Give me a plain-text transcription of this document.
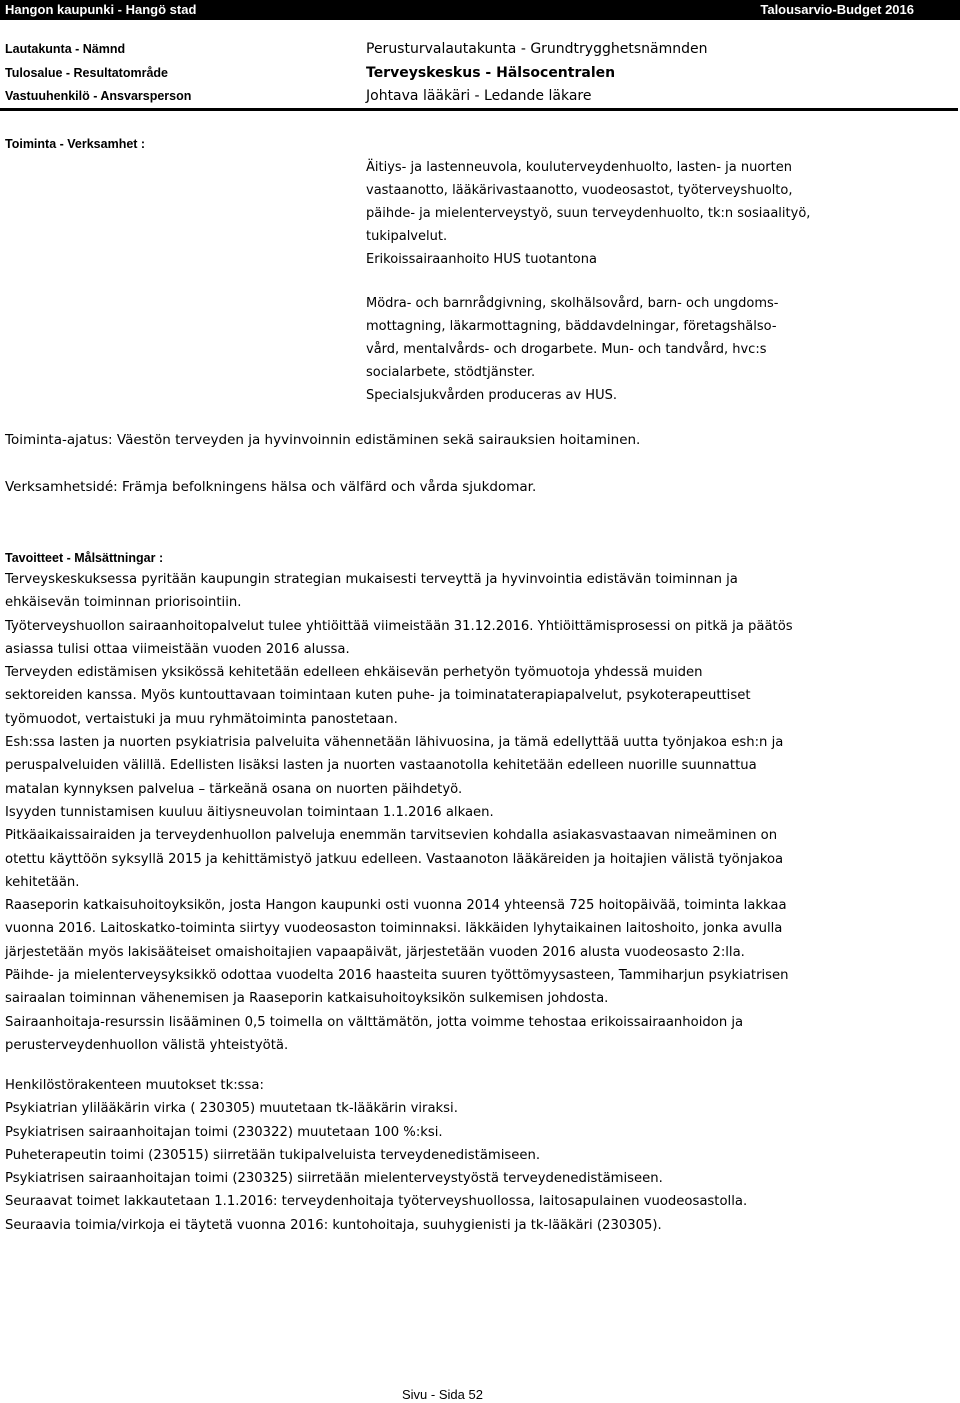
Hangon kaupunki - Hangö stad	Talousarvio-Budget 2016
Lautakunta - Nämnd
Tulosalue - Resultatområde
Vastuuhenkilö - Ansvarsperson
Perusturvalautakunta - Grundtrygghetsnämnden
Terveyskeskus - Hälsocentralen
Johtava lääkäri - Ledande läkare
Toiminta - Verksamhet :
Äitiys- ja lastenneuvola, kouluterveydenhuolto, lasten- ja nuorten
vastaanotto, lääkärivastaanotto, vuodeosastot, työterveyshuolto,
päihde- ja mielenterveystyö, suun terveydenhuolto, tk:n sosiaalityö,
tukipalvelut.
Erikoissairaanhoito HUS tuotantona
Mödra- och barnrådgivning, skolhälsovård, barn- och ungdoms-
mottagning, läkarmottagning, bäddavdelningar, företagshälso-
vård, mentalvårds- och drogarbete. Mun- och tandvård, hvc:s
socialarbete, stödtjänster.
Specialsjukvården produceras av HUS.
Toiminta-ajatus: Väestön terveyden ja hyvinvoinnin edistäminen sekä sairauksien hoitaminen.
Verksamhetsidé: Främja befolkningens hälsa och välfärd och vårda sjukdomar.
Tavoitteet - Målsättningar :
Terveyskeskuksessa pyritään kaupungin strategian mukaisesti terveyttä ja hyvinvointia edistävän toiminnan ja
ehkäisevän toiminnan priorisointiin.
Työterveyshuollon sairaanhoitopalvelut tulee yhtiöittää viimeistään 31.12.2016. Yhtiöittämisprosessi on pitkä ja päätös
asiassa tulisi ottaa viimeistään vuoden 2016 alussa.
Terveyden edistämisen yksikössä kehitetään edelleen ehkäisevän perhetyön työmuotoja yhdessä muiden
sektoreiden kanssa. Myös kuntouttavaan toimintaan kuten puhe- ja toiminataterapiapalvelut, psykoterapeuttiset
työmuodot, vertaistuki ja muu ryhmätoiminta panostetaan.
Esh:ssa lasten ja nuorten psykiatrisia palveluita vähennetään lähivuosina, ja tämä edellyttää uutta työnjakoa esh:n ja
peruspalveluiden välillä. Edellisten lisäksi lasten ja nuorten vastaanotolla kehitetään edelleen nuorille suunnattua
matalan kynnyksen palvelua – tärkeänä osana on nuorten päihdetyö.
Isyyden tunnistamisen kuuluu äitiysneuvolan toimintaan 1.1.2016 alkaen.
Pitkäaikaissairaiden ja terveydenhuollon palveluja enemmän tarvitsevien kohdalla asiakasvastaavan nimeäminen on
otettu käyttöön syksyllä 2015 ja kehittämistyö jatkuu edelleen. Vastaanoton lääkäreiden ja hoitajien välistä työnjakoa
kehitetään.
Raaseporin katkaisuhoitoyksikön, josta Hangon kaupunki osti vuonna 2014 yhteensä 725 hoitopäivää, toiminta lakkaa
vuonna 2016. Laitoskatko-toiminta siirtyy vuodeosaston toiminnaksi. Iäkkäiden lyhytaikainen laitoshoito, jonka avulla
järjestetään myös lakisääteiset omaishoitajien vapaapäivät, järjestetään vuoden 2016 alusta vuodeosasto 2:lla.
Päihde- ja mielenterveysyksikkö odottaa vuodelta 2016 haasteita suuren työttömyysasteen, Tammiharjun psykiatrisen
sairaalan toiminnan vähenemisen ja Raaseporin katkaisuhoitoyksikön sulkemisen johdosta.
Sairaanhoitaja-resurssin lisääminen 0,5 toimella on välttämätön, jotta voimme tehostaa erikoissairaanhoidon ja
perusterveydenhuollon välistä yhteistyötä.
Henkilöstörakenteen muutokset tk:ssa:
Psykiatrian ylilääkärin virka ( 230305) muutetaan tk-lääkärin viraksi.
Psykiatrisen sairaanhoitajan toimi (230322) muutetaan 100 %:ksi.
Puheterapeutin toimi (230515) siirretään tukipalveluista terveydenedistämiseen.
Psykiatrisen sairaanhoitajan toimi (230325) siirretään mielenterveystyöstä terveydenedistämiseen.
Seuraavat toimet lakkautetaan 1.1.2016: terveydenhoitaja työterveyshuollossa, laitosapulainen vuodeosastolla.
Seuraavia toimia/virkoja ei täytetä vuonna 2016: kuntohoitaja, suuhygienisti ja tk-lääkäri (230305).
Sivu - Sida 52
